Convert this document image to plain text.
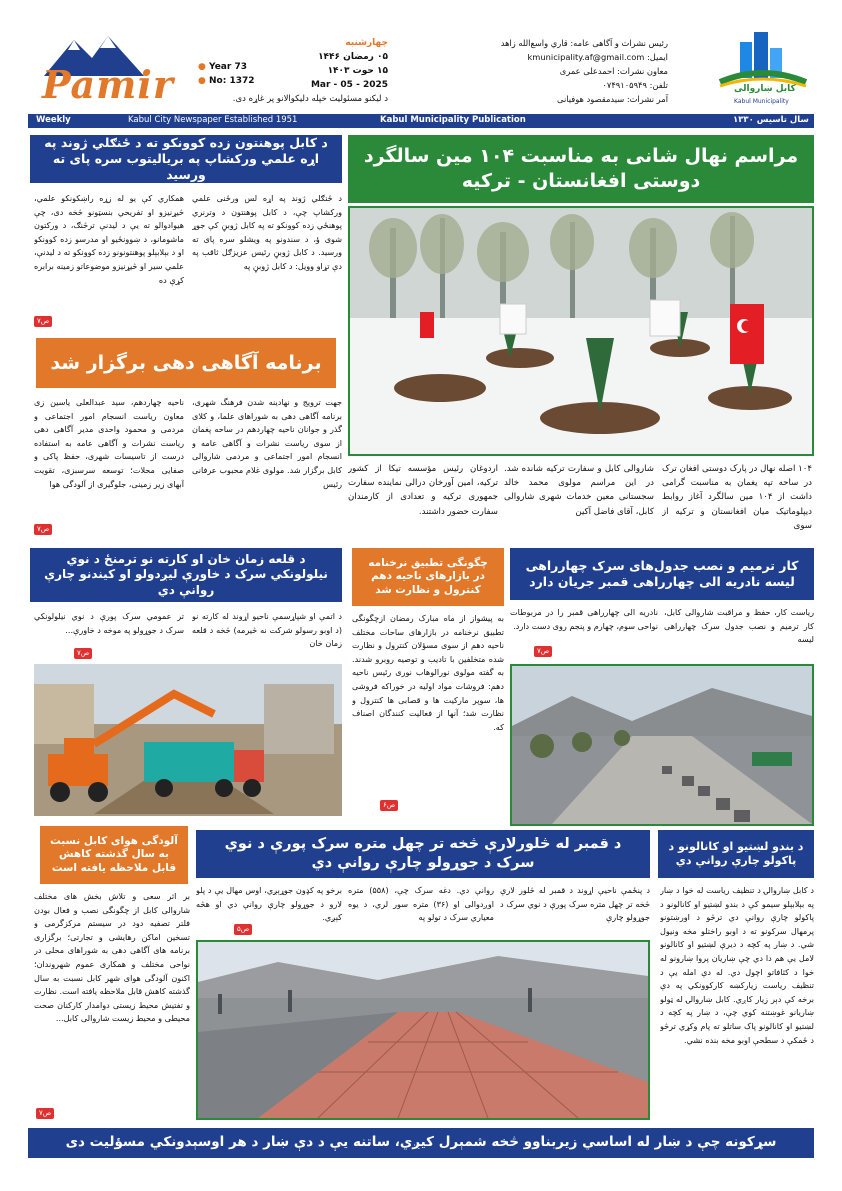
Pamir	● Year 73
● No: 1372
چهارشنبه
۰۵ رمضان ۱۴۴۶
۱۵ حوت ۱۴۰۳
Mar - 05 - 2025
د لیکنو مسئولیت خپله دلیکوالانو پر غاړه دی.
رئیس نشرات و آگاهی عامه: قاري واسع‌الله زاهد
ایمیل: kmunicipality.af@gmail.com
معاون نشرات: احمدعلی عمری
تلفن: ۰۷۴۹۱۰۵۹۴۹
آمر نشرات: سیدمقصود هوفیانی
کابل ښاروالی
Kabul Municipality
Weekly	Kabul City Newspaper Established 1951	Kabul Municipality Publication	سال تاسیس ۱۳۳۰
مراسم نهال شانی به مناسبت ۱۰۴ مین سالگرد دوستی افغانستان - ترکیه
۱۰۴ اصله نهال در پارک دوستی افغان ترک در ساحه تپه یغمان به مناسبت گرامی داشت از ۱۰۴ مین سالگرد آغاز روابط دیپلوماتیک میان افغانستان و ترکیه از سوی
شاروالی کابل و سفارت ترکیه شانده شد. در این مراسم مولوی محمد خالد سجستانی معین خدمات شهری شاروالی کابل، آقای فاضل آکین
اردوغان رئیس مؤسسه تیکا از کشور ترکیه، امین آورخان درالی نماینده سفارت جمهوری ترکیه و تعدادی از کارمندان سفارت حضور داشتند.
د کابل پوهنتون زده کوونکو ته د ځنګلي ژوند په اړه علمي ورکشاپ په بریالیتوب سره پای ته ورسید
د ځنګلي ژوند په اړه لس ورځنی علمي ورکشاپ چې، د کابل پوهنتون د وترنري پوهنځي زده کوونکو ته په کابل ژوبڼ کې جوړ شوی ؤ، د سندونو په ویشلو سره پای ته ورسید. د کابل ژوبڼ رئیس عزیزګل ثاقب په دې تړاو وویل: د کابل ژوبڼ په
همکاري کې یو له زړه راښکونکو علمي، څیړنیزو او تفریحي بنسټونو څخه دی، چې هیوادوالو ته یې د لیدنې ترڅنګ، د ورکتون ماشومانو، د ښوونځیو او مدرسو زده کوونکو او د بېلابېلو پوهنتونونو زده کوونکو ته د لیدنې، علمي سیر او څیړنیزو موضوعاتو زمینه برابره کړې ده
ص۷
برنامه آگاهی دهی برگزار شد
جهت ترویج و نهادینه شدن فرهنگ شهری، برنامه آگاهی دهی به شوراهای علما، و کلای گذر و جوانان ناحیه چهاردهم در ساحه پغمان از سوی ریاست نشرات و آگاهی عامه و انسجام امور اجتماعی و مردمی شاروالی کابل برگزار شد. مولوی غلام محبوب عرفانی رئیس
ناحیه چهاردهم، سید عبدالعلی یاسین زی معاون ریاست انسجام امور اجتماعی و مردمی و محمود واحدی مدیر آگاهی دهی ریاست نشرات و آگاهی عامه به استفاده درست از تاسیسات شهری، حفظ پاکی و صفایی محلات؛ توسعه سرسبزی، تقویت آبهای زیر زمینی، جلوگیری از آلودگی هوا
ص۷
کار ترمیم و نصب جدول‌های سرک چهارراهی لیسه نادریه الی چهارراهی قمبر جریان دارد
ریاست کار، حفظ و مراقبت شاروالی کابل، کار ترمیم و نصب جدول سرک چهارراهی لیسه
نادریه الی چهارراهی قمبر را در مربوطات نواحی سوم، چهارم و پنجم روی دست دارد.
ص۷
چگونگی تطبیق نرخنامه در بازارهای ناحیه دهم کنترول و نظارت شد
به پیشواز از ماه مبارک رمضان ازچگونگی تطبیق نرخنامه در بازارهای ساحات مختلف ناحیه دهم از سوی مسؤلان کنترول و نظارت شده متخلفین با تادیب و توصیه روبرو شدند. به گفته مولوی نورالوهاب نوری رئیس ناحیه دهم: فروشات مواد اولیه در خوراکه فروشی ها، سوپر مارکیت ها و قصابی ها کنترول و نظارت شد؛ آنها از فعالیت کنندگان اصناف که.
ص۶
د قلعه زمان خان او کارته نو ترمنځ د نوي نیلولونکي سرک د خاورې لیږدولو او کیندنو چارې روانې دي
د اتمې او شپاړسمې ناحیو اړوند له کارته نو (د اوبو رسولو شرکت نه څیرمه) څخه د قلعه زمان خان
تر عمومي سرک پورې د نوي نیلولونکي سرک د جوړولو په موخه د خاورې...
ص۷
د بندو لښتیو او کانالونو د پاکولو چارې روانې دي
د کابل ښاروالۍ د تنظیف ریاست له خوا د ښار په بېلابېلو سیمو کې د بندو لښتیو او کانالونو د پاکولو چارې روانې دي ترڅو د اورښتونو پرمهال سرکونو ته د اوبو راختلو مخه ونیول شي. د ښار په کچه د دیرې لښتیو او کانالونو لامل یې هم دا دي چې ښاریان پروا ښارونو له خوا د کثافاتو اچول دي. له دې امله یې د تنظیف ریاست زیارکښه کارکوونکي په دې برخه کې دېر زیار کاږي. کابل ښاروالۍ له ټولو ښاریانو غوښتنه کوي چې، د ښار په کچه د لښتیو او کانالونو پاک ساتلو ته پام وکړي ترڅو د ځمکې د سطحې اوبو مخه بنده نشي.
د قمبر له څلورلارې څخه تر چهل متره سرک پورې د نوي سرک د جوړولو چارې روانې دي
د پنځمې ناحیې اړوند د قمبر له څلور لارې څخه تر چهل متره سرک پورې د نوي سرک د جوړولو چارې
روانې دي. دغه سرک چې، (۵۵۸) متره اوږدوالی او (۳۶) متره سور لري، د یوه معیاري سرک د تولو په
برخو په کډون جوړېږي، اوس مهال یې د پلو لارو د جوړولو چارې روانې دي او هڅه کېږي.
ص۵
آلودگی هوای کابل نسبت به سال گذشته کاهش قابل ملاحظه یافته است
بر اثر سعی و تلاش بخش های مختلف شاروالی کابل از چگونگی نصب و فعال بودن فلتر تصفیه دود در سیستم مرکزگرمی و تسخین اماکن رهایشی و تجارتی؛ برگزاری برنامه های آگاهی دهی به شوراهای محلی در نواحی مختلف و همکاری عموم شهروندان؛ اکنون آلودگی هوای شهر کابل نسبت به سال گذشته کاهش قابل ملاحظه یافته است. نظارت و تفتیش محیط زیستی دوامدار کارکنان صحت محیطی و محیط زیست شاروالی کابل...
ص۷
سړکونه چې د ښار له اساسي زیربناوو څخه شمېرل کیږي، ساتنه یې د دې ښار د هر اوسېدونکي مسؤلیت دی
